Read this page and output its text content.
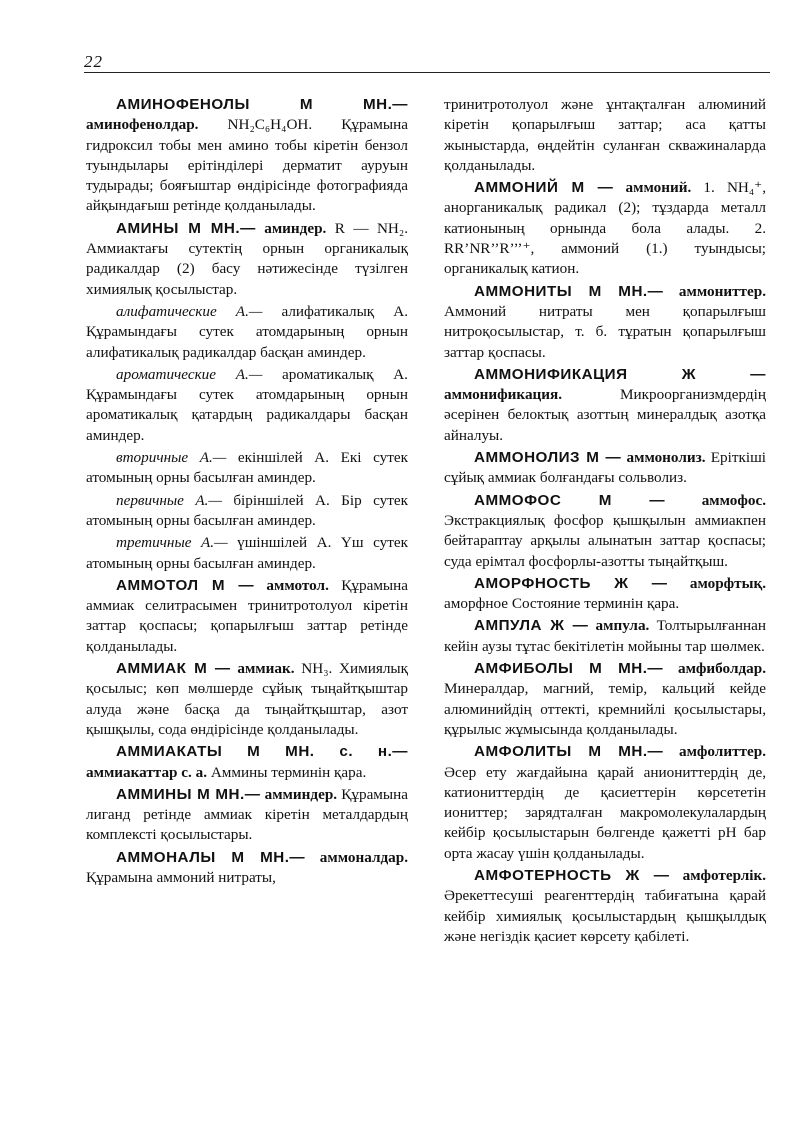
22

АМИНОФЕНОЛЫ М МН.— аминофенолдар. NH₂C₆H₄OH. Құрамына гидроксил тобы мен амино тобы кіретін бензол туындылары ерітінділері дерматит ауруын тудырады; бояғыштар өндірісінде фотографияда айқындағыш ретінде қолданылады.

АМИНЫ М МН.— аминдер. R — NH₂. Аммиактағы сутектің орнын органикалық радикалдар (2) басу нәтижесінде түзілген химиялық қосылыстар.

алифатические А.— алифатикалық А. Құрамындағы сутек атомдарының орнын алифатикалық радикалдар басқан аминдер.

ароматические А.— ароматикалық А. Құрамындағы сутек атомдарының орнын ароматикалық қатардың радикалдары басқан аминдер.

вторичные А.— екіншілей А. Екі сутек атомының орны басылған аминдер.

первичные А.— біріншілей А. Бір сутек атомының орны басылған аминдер.

третичные А.— үшіншілей А. Үш сутек атомының орны басылған аминдер.

АММОТОЛ М — аммотол. Құрамына аммиак селитрасымен тринитротолуол кіретін заттар қоспасы; қопарылғыш заттар ретінде қолданылады.

АММИАК М — аммиак. NH₃. Химиялық қосылыс; көп мөлшерде сұйық тыңайтқыштар алуда және басқа да тыңайтқыштар, азот қышқылы, сода өндірісінде қолданылады.

АММИАКАТЫ М МН. с. н.— аммиакаттар с. а. Аммины терминін қара.

АММИНЫ М МН.— амминдер. Құрамына лиганд ретінде аммиак кіретін металдардың комплексті қосылыстары.

АММОНАЛЫ М МН.— аммоналдар. Құрамына аммоний нитраты,

тринитротолуол және ұнтақталған алюминий кіретін қопарылғыш заттар; аса қатты жыныстарда, өңдейтін суланған скважиналарда қолданылады.

АММОНИЙ М — аммоний. 1. NH₄⁺, анорганикалық радикал (2); тұздарда металл катионының орнында бола алады. 2. RR’NR’’R’’’⁺, аммоний (1.) туындысы; органикалық катион.

АММОНИТЫ М МН.— аммониттер. Аммоний нитраты мен қопарылғыш нитроқосылыстар, т. б. тұратын қопарылғыш заттар қоспасы.

АММОНИФИКАЦИЯ Ж — аммонификация. Микроорганизмдердің әсерінен белоктық азоттың минералдық азотқа айналуы.

АММОНОЛИЗ М — аммонолиз. Ерiткiшi сұйық аммиак болғандағы сольволиз.

АММОФОС М — аммофос. Экстракциялық фосфор қышқылын аммиакпен бейтараптау арқылы алынатын заттар қоспасы; суда ерімтал фосфорлы-азотты тыңайтқыш.

АМОРФНОСТЬ Ж — аморфтық. аморфное Состояние терминін қара.

АМПУЛА Ж — ампула. Толтырылғаннан кейін аузы тұтас бекітілетін мойыны тар шөлмек.

АМФИБОЛЫ М МН.— амфиболдар. Минералдар, магний, темір, кальций кейде алюминийдің оттекті, кремнийлі қосылыстары, құрылыс жұмысында қолданылады.

АМФОЛИТЫ М МН.— амфолиттер. Әсер ету жағдайына қарай аниониттердің де, катиониттердің де қасиеттерін көрсететін иониттер; зарядталған макромолекулалардың кейбір қосылыстарын бөлгенде қажетті pH бар орта жасау үшін қолданылады.

АМФОТЕРНОСТЬ Ж — амфотерлік. Әрекеттесуші реагенттердің табиғатына қарай кейбір химиялық қосылыстардың қышқылдық және негіздік қасиет көрсету қабілеті.
